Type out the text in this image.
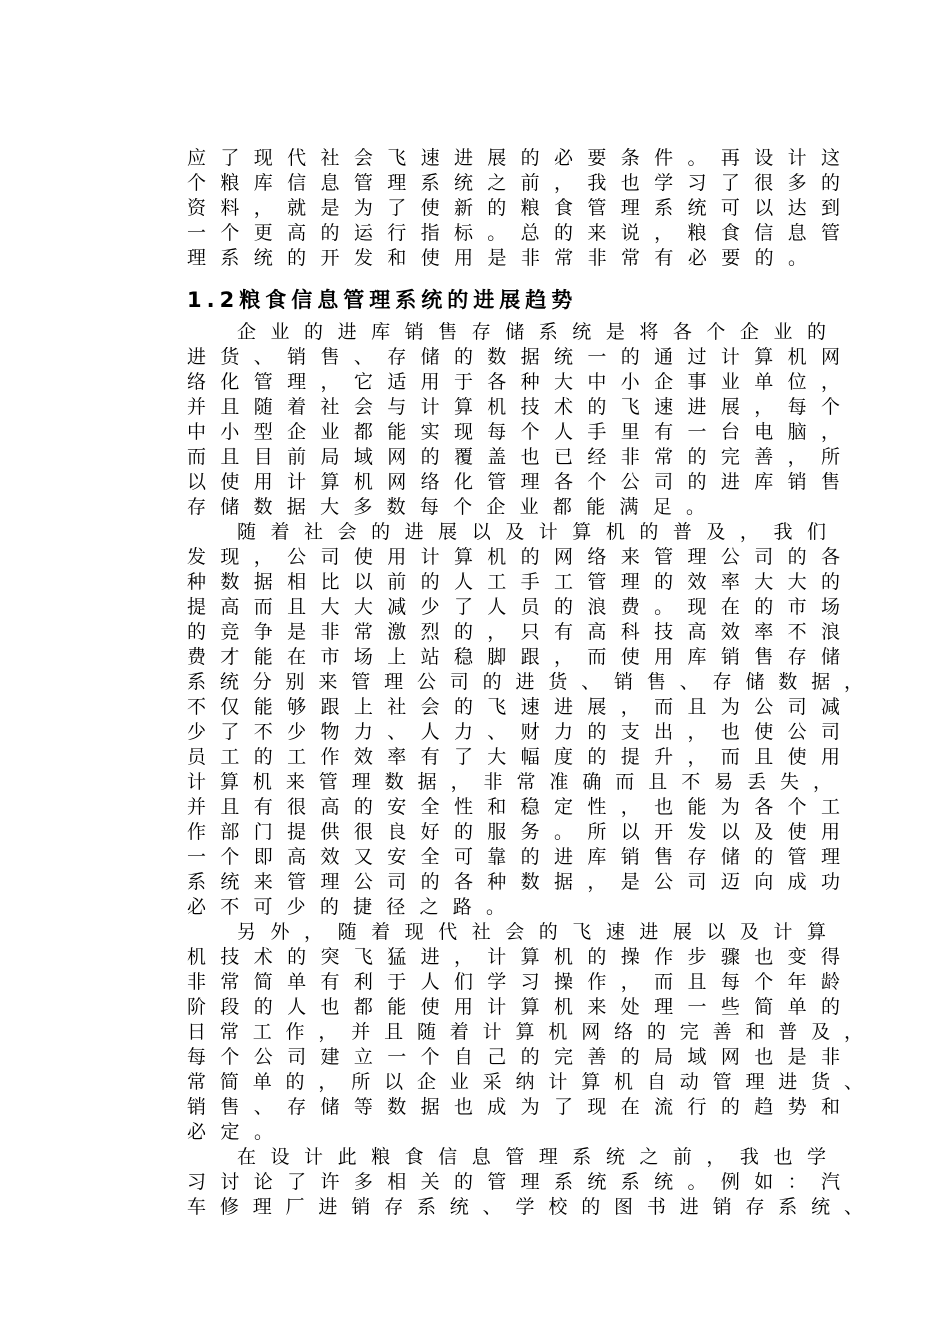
应了现代社会飞速进展的必要条件。再设计这
个粮库信息管理系统之前，我也学习了很多的
资料，就是为了使新的粮食管理系统可以达到
一个更高的运行指标。总的来说，粮食信息管
理系统的开发和使用是非常非常有必要的。
1.2粮食信息管理系统的进展趋势
企业的进库销售存储系统是将各个企业的
进货、销售、存储的数据统一的通过计算机网
络化管理，它适用于各种大中小企事业单位，
并且随着社会与计算机技术的飞速进展，每个
中小型企业都能实现每个人手里有一台电脑，
而且目前局域网的覆盖也已经非常的完善，所
以使用计算机网络化管理各个公司的进库销售
存储数据大多数每个企业都能满足。
随着社会的进展以及计算机的普及，我们
发现，公司使用计算机的网络来管理公司的各
种数据相比以前的人工手工管理的效率大大的
提高而且大大减少了人员的浪费。现在的市场
的竞争是非常激烈的，只有高科技高效率不浪
费才能在市场上站稳脚跟，而使用库销售存储
系统分别来管理公司的进货、销售、存储数据，
不仅能够跟上社会的飞速进展，而且为公司减
少了不少物力、人力、财力的支出，也使公司
员工的工作效率有了大幅度的提升，而且使用
计算机来管理数据，非常准确而且不易丢失，
并且有很高的安全性和稳定性，也能为各个工
作部门提供很良好的服务。所以开发以及使用
一个即高效又安全可靠的进库销售存储的管理
系统来管理公司的各种数据，是公司迈向成功
必不可少的捷径之路。
另外，随着现代社会的飞速进展以及计算
机技术的突飞猛进，计算机的操作步骤也变得
非常简单有利于人们学习操作，而且每个年龄
阶段的人也都能使用计算机来处理一些简单的
日常工作，并且随着计算机网络的完善和普及，
每个公司建立一个自己的完善的局域网也是非
常简单的，所以企业采纳计算机自动管理进货、
销售、存储等数据也成为了现在流行的趋势和
必定。
在设计此粮食信息管理系统之前，我也学
习讨论了许多相关的管理系统系统。例如：汽
车修理厂进销存系统、学校的图书进销存系统、
